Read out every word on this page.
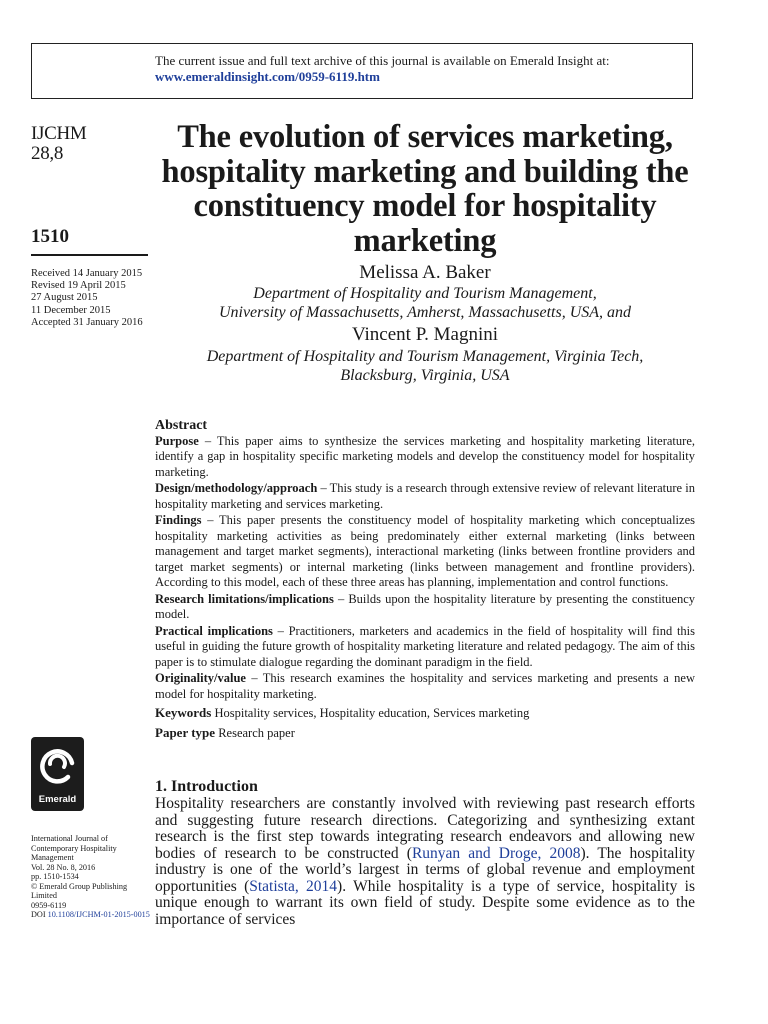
The current issue and full text archive of this journal is available on Emerald Insight at:
www.emeraldinsight.com/0959-6119.htm
IJCHM
28,8
1510
Received 14 January 2015
Revised 19 April 2015
27 August 2015
11 December 2015
Accepted 31 January 2016
The evolution of services marketing, hospitality marketing and building the constituency model for hospitality marketing
Melissa A. Baker
Department of Hospitality and Tourism Management,
University of Massachusetts, Amherst, Massachusetts, USA, and
Vincent P. Magnini
Department of Hospitality and Tourism Management, Virginia Tech,
Blacksburg, Virginia, USA
Abstract

Purpose – This paper aims to synthesize the services marketing and hospitality marketing literature, identify a gap in hospitality specific marketing models and develop the constituency model for hospitality marketing.

Design/methodology/approach – This study is a research through extensive review of relevant literature in hospitality marketing and services marketing.

Findings – This paper presents the constituency model of hospitality marketing which conceptualizes hospitality marketing activities as being predominately either external marketing (links between management and target market segments), interactional marketing (links between frontline providers and target market segments) or internal marketing (links between management and frontline providers). According to this model, each of these three areas has planning, implementation and control functions.

Research limitations/implications – Builds upon the hospitality literature by presenting the constituency model.

Practical implications – Practitioners, marketers and academics in the field of hospitality will find this useful in guiding the future growth of hospitality marketing literature and related pedagogy. The aim of this paper is to stimulate dialogue regarding the dominant paradigm in the field.

Originality/value – This research examines the hospitality and services marketing and presents a new model for hospitality marketing.

Keywords Hospitality services, Hospitality education, Services marketing

Paper type Research paper

Emerald
International Journal of
Contemporary Hospitality
Management
Vol. 28 No. 8, 2016
pp. 1510-1534
© Emerald Group Publishing Limited
0959-6119
DOI 10.1108/IJCHM-01-2015-0015
1. Introduction

Hospitality researchers are constantly involved with reviewing past research efforts and suggesting future research directions. Categorizing and synthesizing extant research is the first step towards integrating research endeavors and allowing new bodies of research to be constructed (Runyan and Droge, 2008). The hospitality industry is one of the world’s largest in terms of global revenue and employment opportunities (Statista, 2014). While hospitality is a type of service, hospitality is unique enough to warrant its own field of study. Despite some evidence as to the importance of services
